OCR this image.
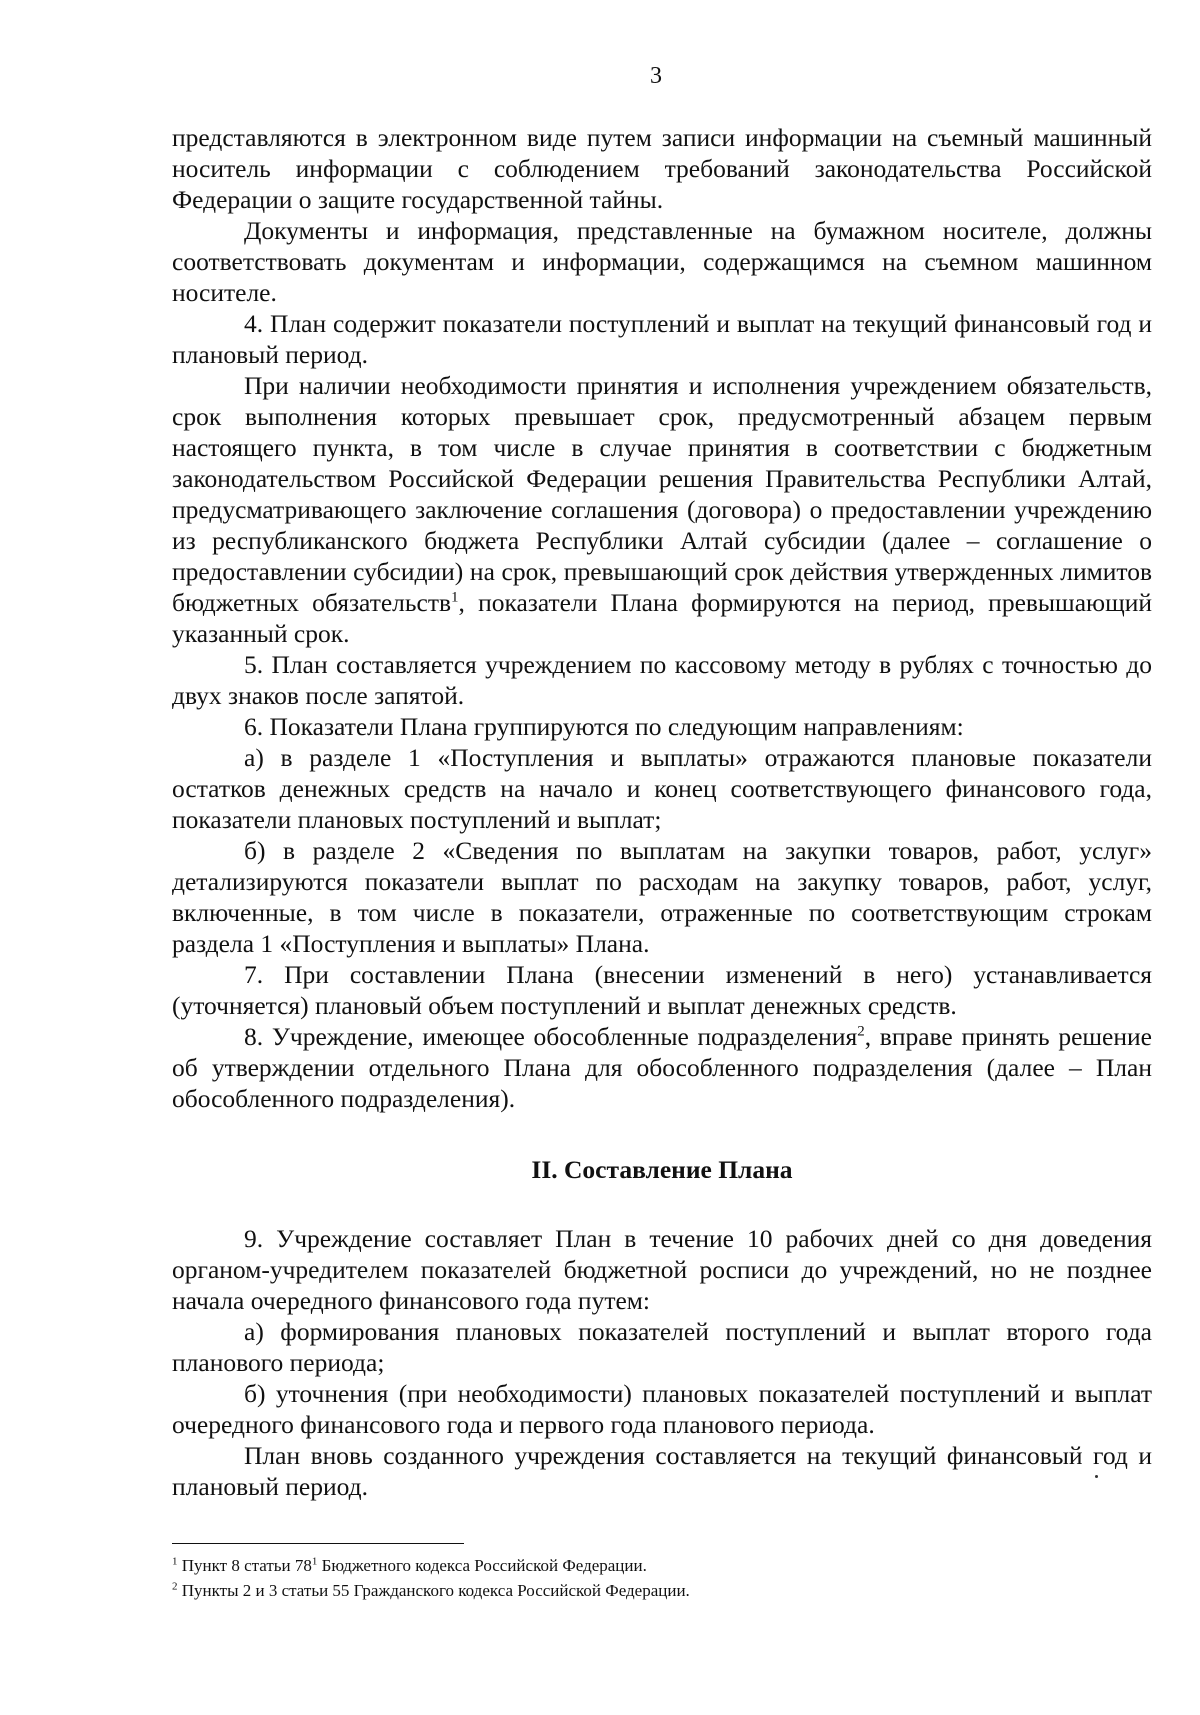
3

представляются в электронном виде путем записи информации на съемный машинный носитель информации с соблюдением требований законодательства Российской Федерации о защите государственной тайны.

Документы и информация, представленные на бумажном носителе, должны соответствовать документам и информации, содержащимся на съемном машинном носителе.

4. План содержит показатели поступлений и выплат на текущий финансовый год и плановый период.

При наличии необходимости принятия и исполнения учреждением обязательств, срок выполнения которых превышает срок, предусмотренный абзацем первым настоящего пункта, в том числе в случае принятия в соответствии с бюджетным законодательством Российской Федерации решения Правительства Республики Алтай, предусматривающего заключение соглашения (договора) о предоставлении учреждению из республиканского бюджета Республики Алтай субсидии (далее – соглашение о предоставлении субсидии) на срок, превышающий срок действия утвержденных лимитов бюджетных обязательств$^1$, показатели Плана формируются на период, превышающий указанный срок.

5. План составляется учреждением по кассовому методу в рублях с точностью до двух знаков после запятой.

6. Показатели Плана группируются по следующим направлениям:

а) в разделе 1 «Поступления и выплаты» отражаются плановые показатели остатков денежных средств на начало и конец соответствующего финансового года, показатели плановых поступлений и выплат;

б) в разделе 2 «Сведения по выплатам на закупки товаров, работ, услуг» детализируются показатели выплат по расходам на закупку товаров, работ, услуг, включенные, в том числе в показатели, отраженные по соответствующим строкам раздела 1 «Поступления и выплаты» Плана.

7. При составлении Плана (внесении изменений в него) устанавливается (уточняется) плановый объем поступлений и выплат денежных средств.

8. Учреждение, имеющее обособленные подразделения$^2$, вправе принять решение об утверждении отдельного Плана для обособленного подразделения (далее – План обособленного подразделения).

II. Составление Плана

9. Учреждение составляет План в течение 10 рабочих дней со дня доведения органом-учредителем показателей бюджетной росписи до учреждений, но не позднее начала очередного финансового года путем:

а) формирования плановых показателей поступлений и выплат второго года планового периода;

б) уточнения (при необходимости) плановых показателей поступлений и выплат очередного финансового года и первого года планового периода.

План вновь созданного учреждения составляется на текущий финансовый год и плановый период.

$^1$ Пункт 8 статьи $78^1$ Бюджетного кодекса Российской Федерации.

$^2$ Пункты 2 и 3 статьи 55 Гражданского кодекса Российской Федерации.
